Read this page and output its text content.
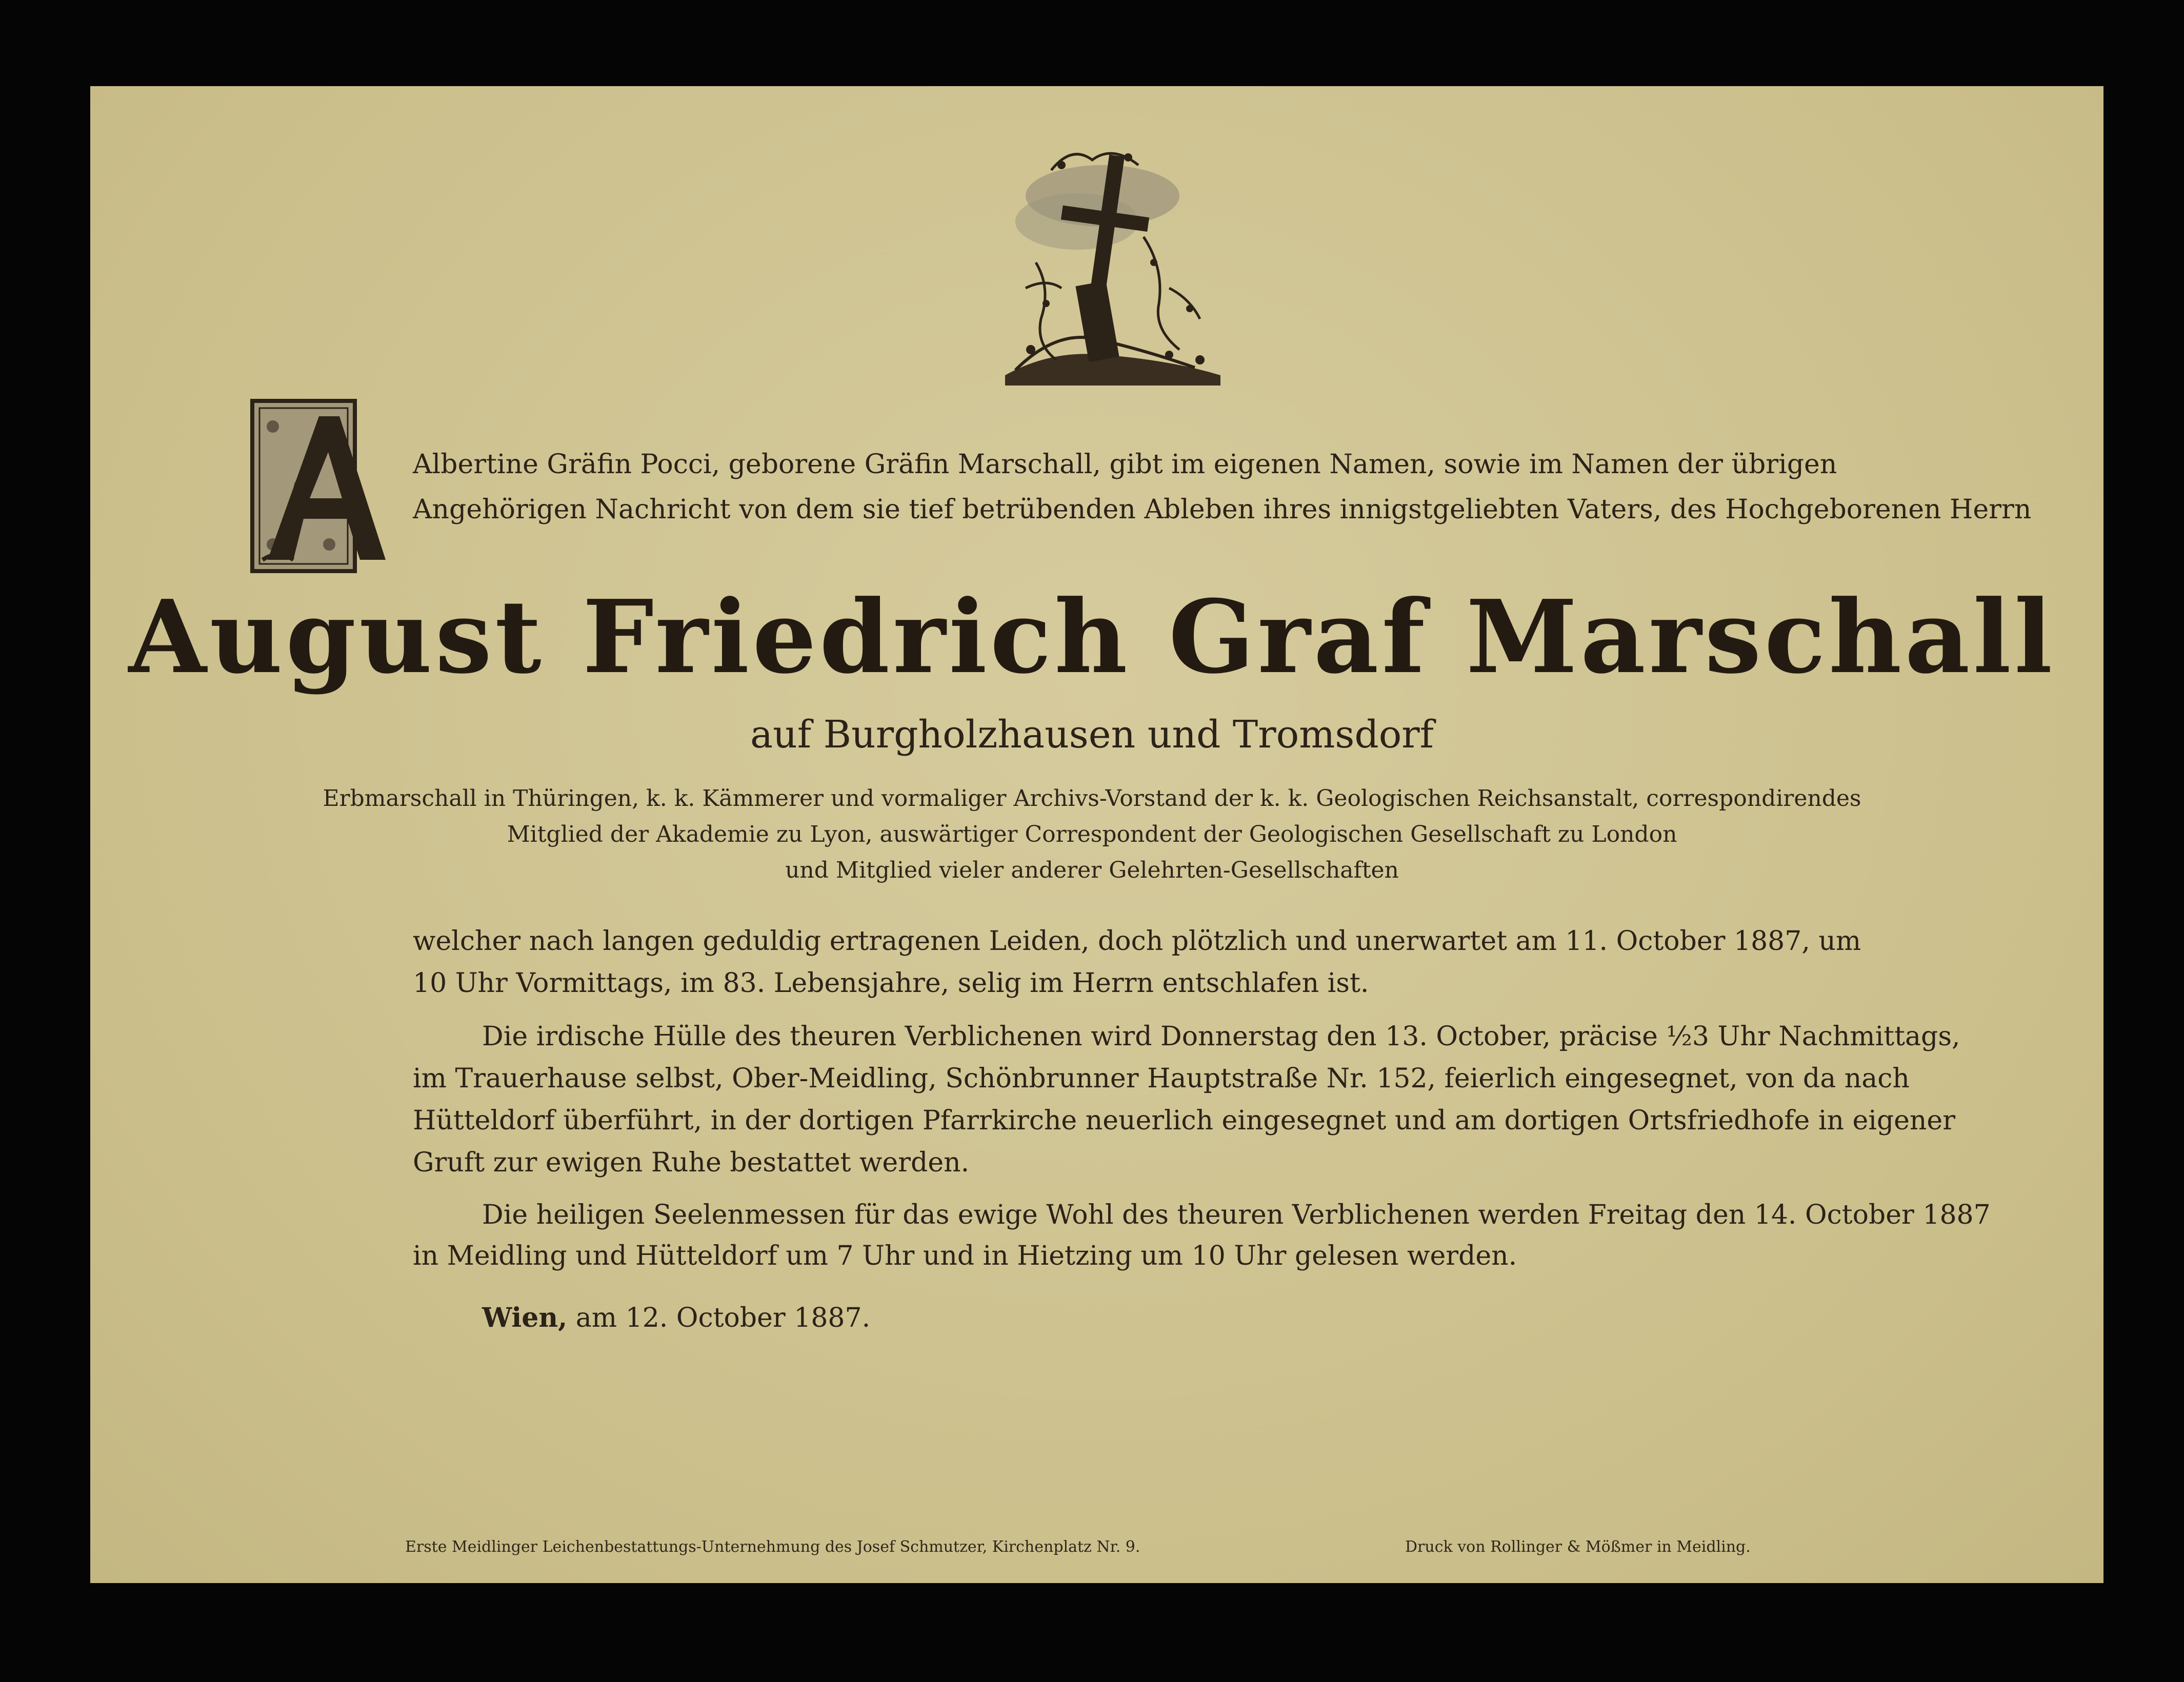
Albertine Gräfin Pocci, geborene Gräfin Marschall, gibt im eigenen Namen, sowie im Namen der übrigen
Angehörigen Nachricht von dem sie tief betrübenden Ableben ihres innigstgeliebten Vaters, des Hochgeborenen Herrn
August Friedrich Graf Marschall
auf Burgholzhausen und Tromsdorf
Erbmarschall in Thüringen, k. k. Kämmerer und vormaliger Archivs-Vorstand der k. k. Geologischen Reichsanstalt, correspondirendes
Mitglied der Akademie zu Lyon, auswärtiger Correspondent der Geologischen Gesellschaft zu London
und Mitglied vieler anderer Gelehrten-Gesellschaften
welcher nach langen geduldig ertragenen Leiden, doch plötzlich und unerwartet am 11. October 1887, um
10 Uhr Vormittags, im 83. Lebensjahre, selig im Herrn entschlafen ist.
Die irdische Hülle des theuren Verblichenen wird Donnerstag den 13. October, präcise ½3 Uhr Nachmittags,
im Trauerhause selbst, Ober-Meidling, Schönbrunner Hauptstraße Nr. 152, feierlich eingesegnet, von da nach
Hütteldorf überführt, in der dortigen Pfarrkirche neuerlich eingesegnet und am dortigen Ortsfriedhofe in eigener
Gruft zur ewigen Ruhe bestattet werden.
Die heiligen Seelenmessen für das ewige Wohl des theuren Verblichenen werden Freitag den 14. October 1887
in Meidling und Hütteldorf um 7 Uhr und in Hietzing um 10 Uhr gelesen werden.
Wien, am 12. October 1887.
Erste Meidlinger Leichenbestattungs-Unternehmung des Josef Schmutzer, Kirchenplatz Nr. 9.	Druck von Rollinger & Mößmer in Meidling.
